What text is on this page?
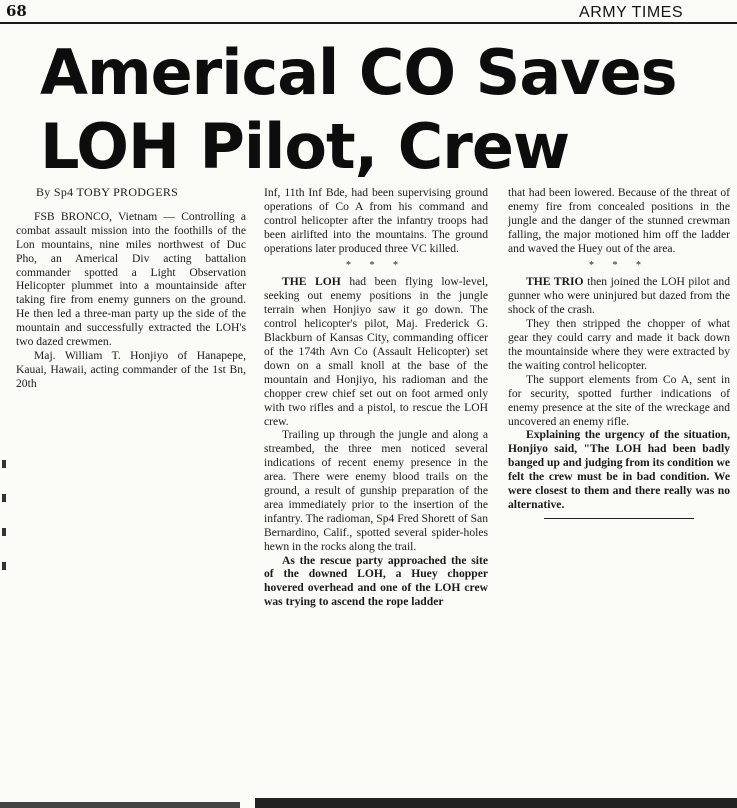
68	ARMY TIMES
Americal CO Saves
LOH Pilot, Crew
By Sp4 TOBY PRODGERS

FSB BRONCO, Vietnam — Controlling a combat assault mission into the foothills of the Lon mountains, nine miles northwest of Duc Pho, an Americal Div acting battalion commander spotted a Light Observation Helicopter plummet into a mountainside after taking fire from enemy gunners on the ground. He then led a three-man party up the side of the mountain and successfully extracted the LOH's two dazed crewmen.

Maj. William T. Honjiyo of Hanapepe, Kauai, Hawaii, acting commander of the 1st Bn, 20th

Inf, 11th Inf Bde, had been supervising ground operations of Co A from his command and control helicopter after the infantry troops had been airlifted into the mountains. The ground operations later produced three VC killed.

* * *

THE LOH had been flying low-level, seeking out enemy positions in the jungle terrain when Honjiyo saw it go down. The control helicopter's pilot, Maj. Frederick G. Blackburn of Kansas City, commanding officer of the 174th Avn Co (Assault Helicopter) set down on a small knoll at the base of the mountain and Honjiyo, his radioman and the chopper crew chief set out on foot armed only with two rifles and a pistol, to rescue the LOH crew.

Trailing up through the jungle and along a streambed, the three men noticed several indications of recent enemy presence in the area. There were enemy blood trails on the ground, a result of gunship preparation of the area immediately prior to the insertion of the infantry. The radioman, Sp4 Fred Shorett of San Bernardino, Calif., spotted several spider-holes hewn in the rocks along the trail.

As the rescue party approached the site of the downed LOH, a Huey chopper hovered overhead and one of the LOH crew was trying to ascend the rope ladder

that had been lowered. Because of the threat of enemy fire from concealed positions in the jungle and the danger of the stunned crewman falling, the major motioned him off the ladder and waved the Huey out of the area.

* * *

THE TRIO then joined the LOH pilot and gunner who were uninjured but dazed from the shock of the crash.

They then stripped the chopper of what gear they could carry and made it back down the mountainside where they were extracted by the waiting control helicopter.

The support elements from Co A, sent in for security, spotted further indications of enemy presence at the site of the wreckage and uncovered an enemy rifle.

Explaining the urgency of the situation, Honjiyo said, "The LOH had been badly banged up and judging from its condition we felt the crew must be in bad condition. We were closest to them and there really was no alternative.
